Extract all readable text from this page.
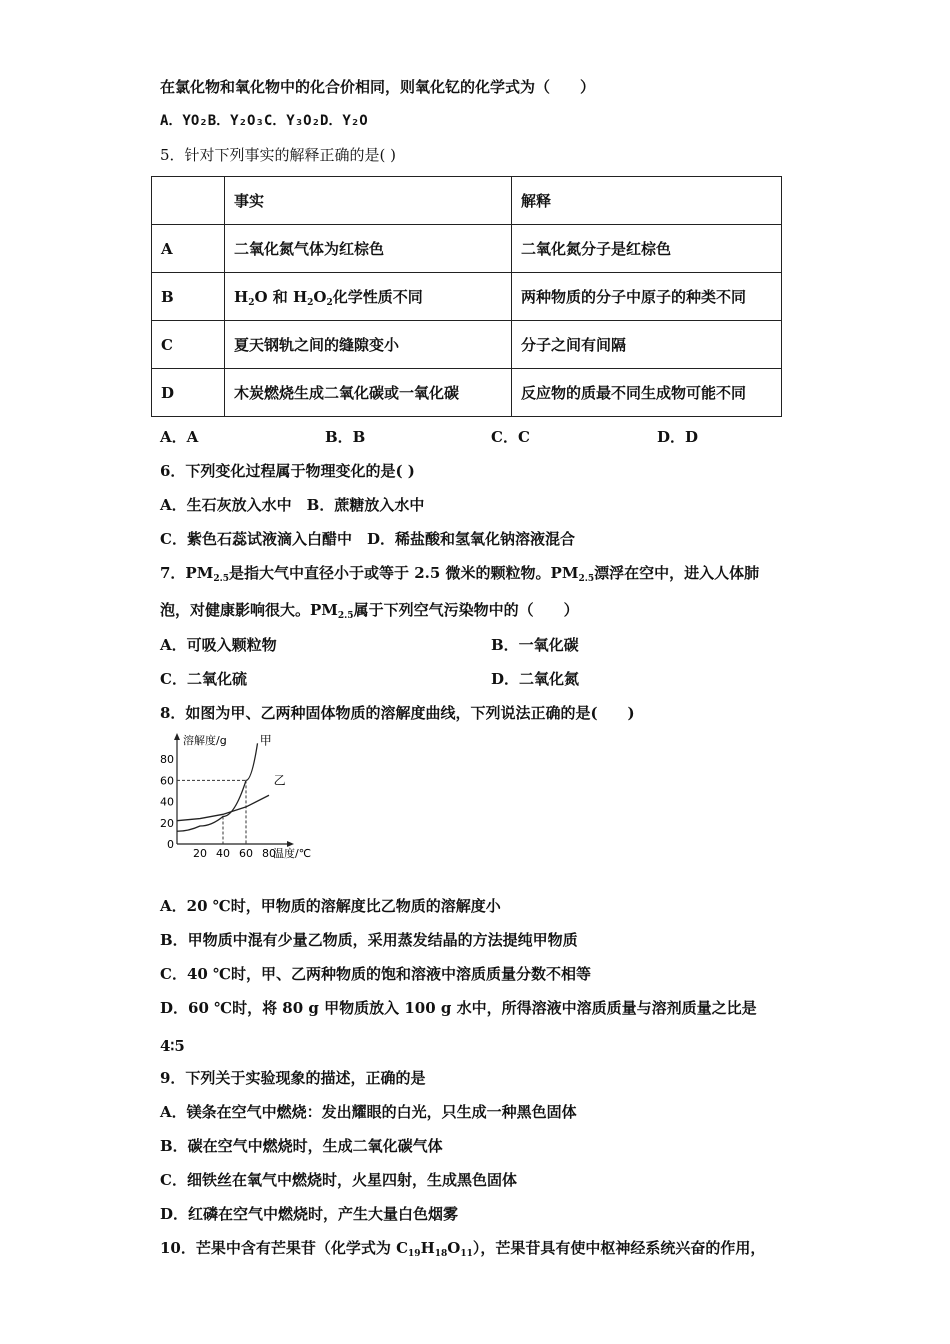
在氯化物和氧化物中的化合价相同，则氧化钇的化学式为（　　）
A．YO₂B．Y₂O₃C．Y₃O₂D．Y₂O
5．针对下列事实的解释正确的是( )
	事实	解释
A	二氧化氮气体为红棕色	二氧化氮分子是红棕色
B	$H_2O$ 和 $H_2O_2$化学性质不同	两种物质的分子中原子的种类不同
C	夏天钢轨之间的缝隙变小	分子之间有间隔
D	木炭燃烧生成二氧化碳或一氧化碳	反应物的质最不同生成物可能不同
A．A	B．B	C．C	D．D
6．下列变化过程属于物理变化的是( )
A．生石灰放入水中　B．蔗糖放入水中
C．紫色石蕊试液滴入白醋中　D．稀盐酸和氢氧化钠溶液混合
7．$PM_{2.5}$是指大气中直径小于或等于 2.5 微米的颗粒物。$PM_{2.5}$漂浮在空中，进入人体肺
泡，对健康影响很大。$PM_{2.5}$属于下列空气污染物中的（　　）
A．可吸入颗粒物	B．一氧化碳
C．二氧化硫	D．二氧化氮
8．如图为甲、乙两种固体物质的溶解度曲线，下列说法正确的是(　　)
溶解度/g
温度/℃
0
20
40
60
80
20 40 60 80
甲
乙
A．20 ℃时，甲物质的溶解度比乙物质的溶解度小
B．甲物质中混有少量乙物质，采用蒸发结晶的方法提纯甲物质
C．40 ℃时，甲、乙两种物质的饱和溶液中溶质质量分数不相等
D．60 ℃时，将 80 g 甲物质放入 100 g 水中，所得溶液中溶质质量与溶剂质量之比是
4∶5
9．下列关于实验现象的描述，正确的是
A．镁条在空气中燃烧：发出耀眼的白光，只生成一种黑色固体
B．碳在空气中燃烧时，生成二氧化碳气体
C．细铁丝在氧气中燃烧时，火星四射，生成黑色固体
D．红磷在空气中燃烧时，产生大量白色烟雾
10．芒果中含有芒果苷（化学式为 $C_{19}H_{18}O_{11}$），芒果苷具有使中枢神经系统兴奋的作用，
